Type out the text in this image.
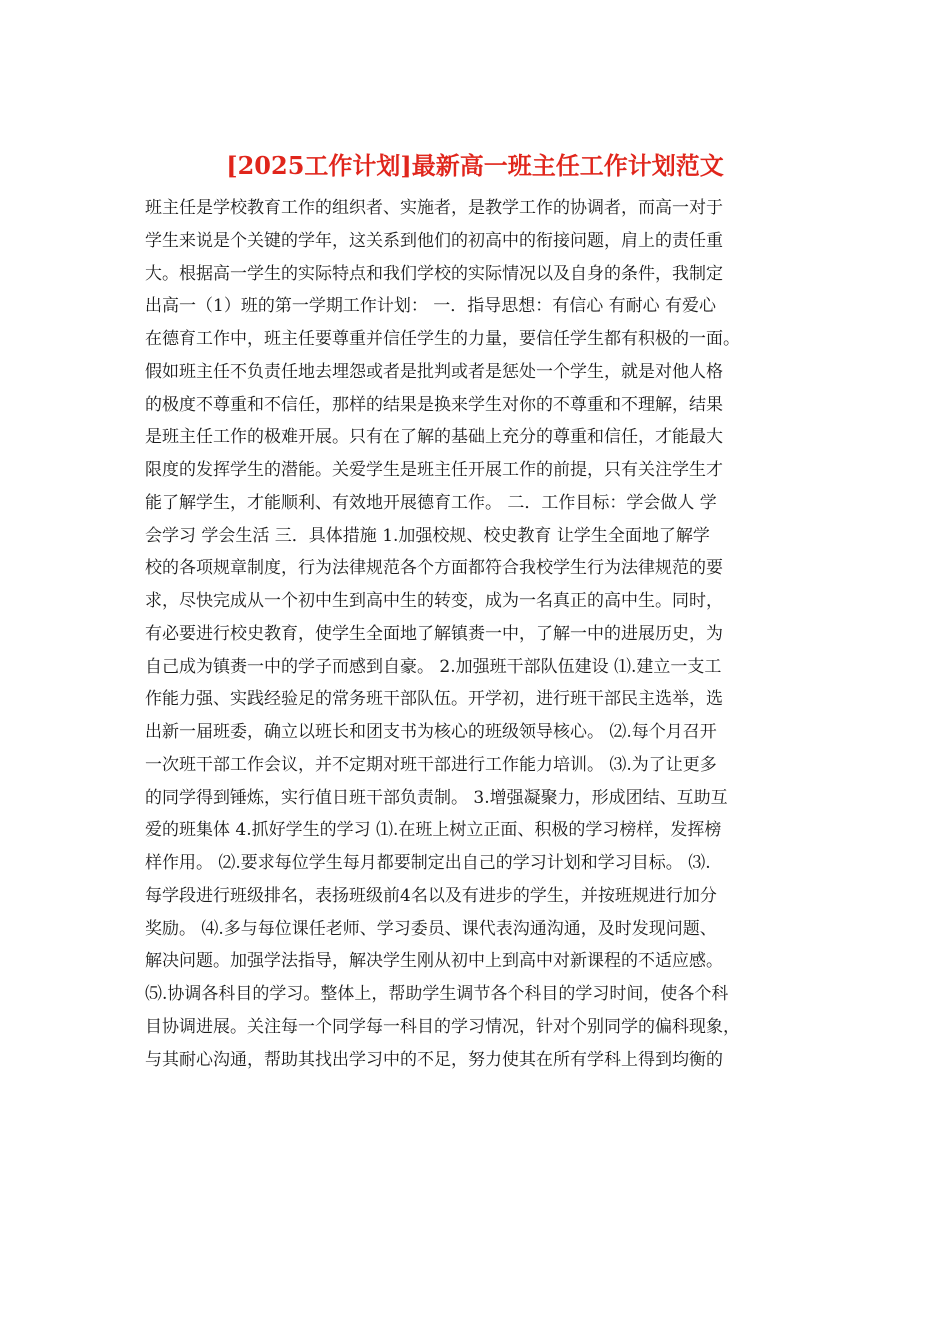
[2025工作计划]最新高一班主任工作计划范文
班主任是学校教育工作的组织者、实施者，是教学工作的协调者，而高一对于
学生来说是个关键的学年，这关系到他们的初高中的衔接问题，肩上的责任重
大。根据高一学生的实际特点和我们学校的实际情况以及自身的条件，我制定
出高一（1）班的第一学期工作计划： 一．指导思想：有信心 有耐心 有爱心
在德育工作中，班主任要尊重并信任学生的力量，要信任学生都有积极的一面。
假如班主任不负责任地去埋怨或者是批判或者是惩处一个学生，就是对他人格
的极度不尊重和不信任，那样的结果是换来学生对你的不尊重和不理解，结果
是班主任工作的极难开展。只有在了解的基础上充分的尊重和信任，才能最大
限度的发挥学生的潜能。关爱学生是班主任开展工作的前提，只有关注学生才
能了解学生，才能顺利、有效地开展德育工作。 二．工作目标：学会做人 学
会学习 学会生活 三．具体措施 1.加强校规、校史教育 让学生全面地了解学
校的各项规章制度，行为法律规范各个方面都符合我校学生行为法律规范的要
求，尽快完成从一个初中生到高中生的转变，成为一名真正的高中生。同时，
有必要进行校史教育，使学生全面地了解镇赉一中，了解一中的进展历史，为
自己成为镇赉一中的学子而感到自豪。 2.加强班干部队伍建设 ⑴.建立一支工
作能力强、实践经验足的常务班干部队伍。开学初，进行班干部民主选举，选
出新一届班委，确立以班长和团支书为核心的班级领导核心。 ⑵.每个月召开
一次班干部工作会议，并不定期对班干部进行工作能力培训。 ⑶.为了让更多
的同学得到锤炼，实行值日班干部负责制。 3.增强凝聚力，形成团结、互助互
爱的班集体 4.抓好学生的学习 ⑴.在班上树立正面、积极的学习榜样，发挥榜
样作用。 ⑵.要求每位学生每月都要制定出自己的学习计划和学习目标。 ⑶.
每学段进行班级排名，表扬班级前4名以及有进步的学生，并按班规进行加分
奖励。 ⑷.多与每位课任老师、学习委员、课代表沟通沟通，及时发现问题、
解决问题。加强学法指导，解决学生刚从初中上到高中对新课程的不适应感。
⑸.协调各科目的学习。整体上，帮助学生调节各个科目的学习时间，使各个科
目协调进展。关注每一个同学每一科目的学习情况，针对个别同学的偏科现象，
与其耐心沟通，帮助其找出学习中的不足，努力使其在所有学科上得到均衡的
